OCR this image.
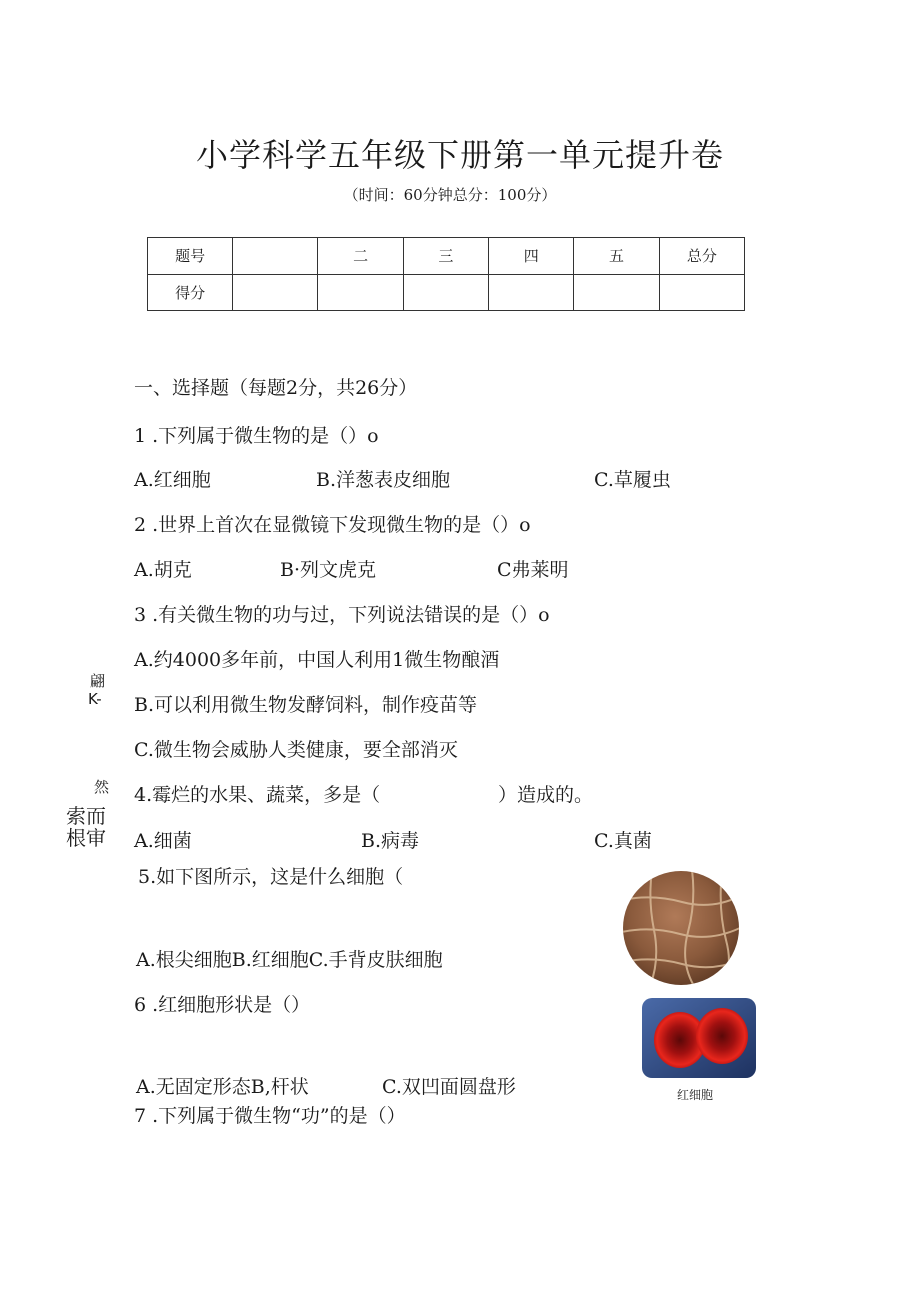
小学科学五年级下册第一单元提升卷
（时间：60分钟总分：100分）
题号		二	三	四	五	总分
得分						
一、选择题（每题2分，共26分）
1 .下列属于微生物的是（）o
A.红细胞	B.洋葱表皮细胞	C.草履虫
2 .世界上首次在显微镜下发现微生物的是（）o
A.胡克	B·列文虎克	C弗莱明
3 .有关微生物的功与过，下列说法错误的是（）o
A.约4000多年前，中国人利用1微生物酿酒
B.可以利用微生物发酵饲料，制作疫苗等
C.微生物会威胁人类健康，要全部消灭
4.霉烂的水果、蔬菜，多是（	）造成的。
A.细菌	B.病毒	C.真菌
5.如下图所示，这是什么细胞（
A.根尖细胞B.红细胞C.手背皮肤细胞
6 .红细胞形状是（）
A.无固定形态B,杆状	C.双凹面圆盘形
7 .下列属于微生物“功”的是（）
翩
K-
然
索而
根审
红细胞
